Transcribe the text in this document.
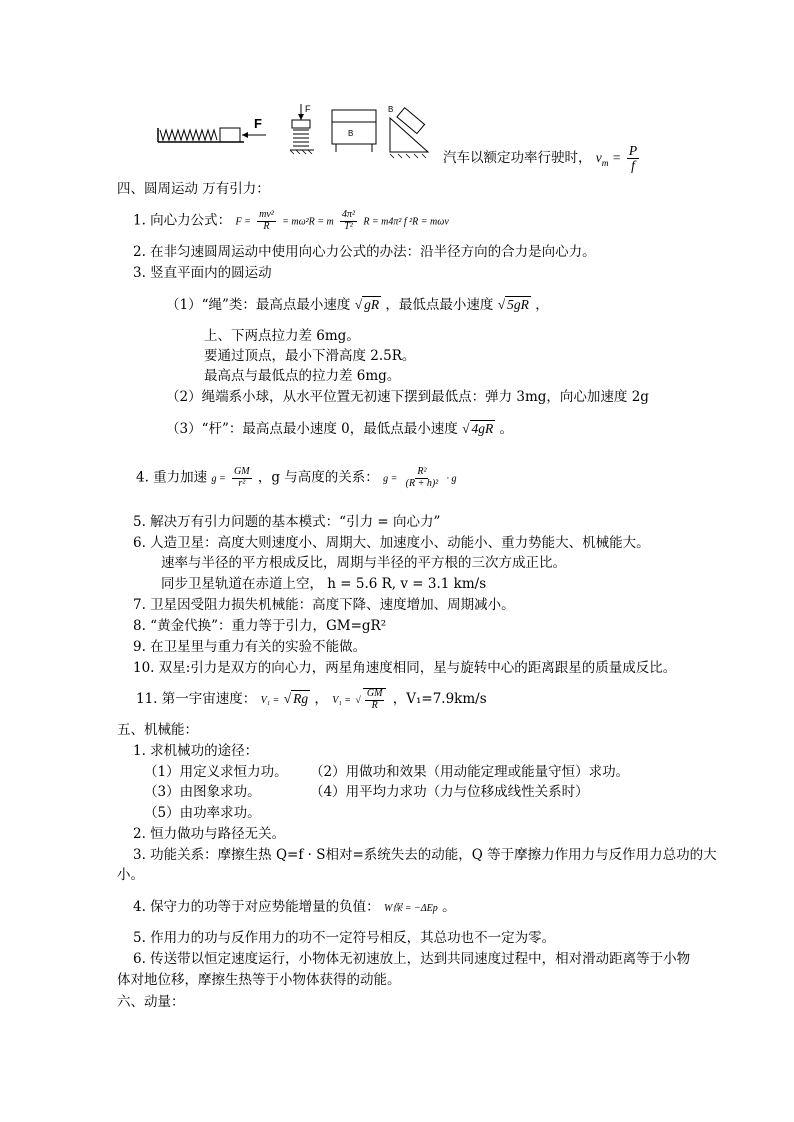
F
F
B
B
汽车以额定功率行驶时， $v_m = \frac{P}{f}$
四、圆周运动 万有引力：
1. 向心力公式： $F = \frac{\text{mv²}}{R} = m\omega^2R = m \frac{\text{4π²}}{\text{T²}}$ R = m4π² f ²R = mωv
2. 在非匀速圆周运动中使用向心力公式的办法：沿半径方向的合力是向心力。
3. 竖直平面内的圆运动
（1）“绳”类：最高点最小速度 √ gR ，最低点最小速度 √ 5gR ，
上、下两点拉力差 6mg。
要通过顶点，最小下滑高度 2.5R。
最高点与最低点的拉力差 6mg。
（2）绳端系小球，从水平位置无初速下摆到最低点：弹力 3mg，向心加速度 2g
（3）“杆”：最高点最小速度 0，最低点最小速度 √ 4gR 。
4. 重力加速 $g = \frac{GM}{\text{r²}}$ ，g 与高度的关系： $g = \frac{\text{R²}}{\text{(R + h)²}} \cdot g$
5. 解决万有引力问题的基本模式：“引力 = 向心力”
6. 人造卫星：高度大则速度小、周期大、加速度小、动能小、重力势能大、机械能大。
速率与半径的平方根成反比，周期与半径的平方根的三次方成正比。
同步卫星轨道在赤道上空， h = 5.6 R, v = 3.1 km/s
7. 卫星因受阻力损失机械能：高度下降、速度增加、周期减小。
8. “黄金代换”：重力等于引力，GM=gR²
9. 在卫星里与重力有关的实验不能做。
10. 双星:引力是双方的向心力，两星角速度相同，星与旋转中心的距离跟星的质量成反比。
11. 第一宇宙速度： V₁ = √ Rg ， V₁ = √ $\frac{GM}{R}$ ，V₁=7.9km/s
五、机械能：
1. 求机械功的途径：
（1）用定义求恒力功。 （2）用做功和效果（用动能定理或能量守恒）求功。
（3）由图象求功。	（4）用平均力求功（力与位移成线性关系时）
（5）由功率求功。
2. 恒力做功与路径无关。
3. 功能关系：摩擦生热 Q=f · S相对=系统失去的动能，Q 等于摩擦力作用力与反作用力总功的大
小。
4. 保守力的功等于对应势能增量的负值： W保 = −ΔEp 。
5. 作用力的功与反作用力的功不一定符号相反，其总功也不一定为零。
6. 传送带以恒定速度运行，小物体无初速放上，达到共同速度过程中，相对滑动距离等于小物
体对地位移，摩擦生热等于小物体获得的动能。
六、动量：
